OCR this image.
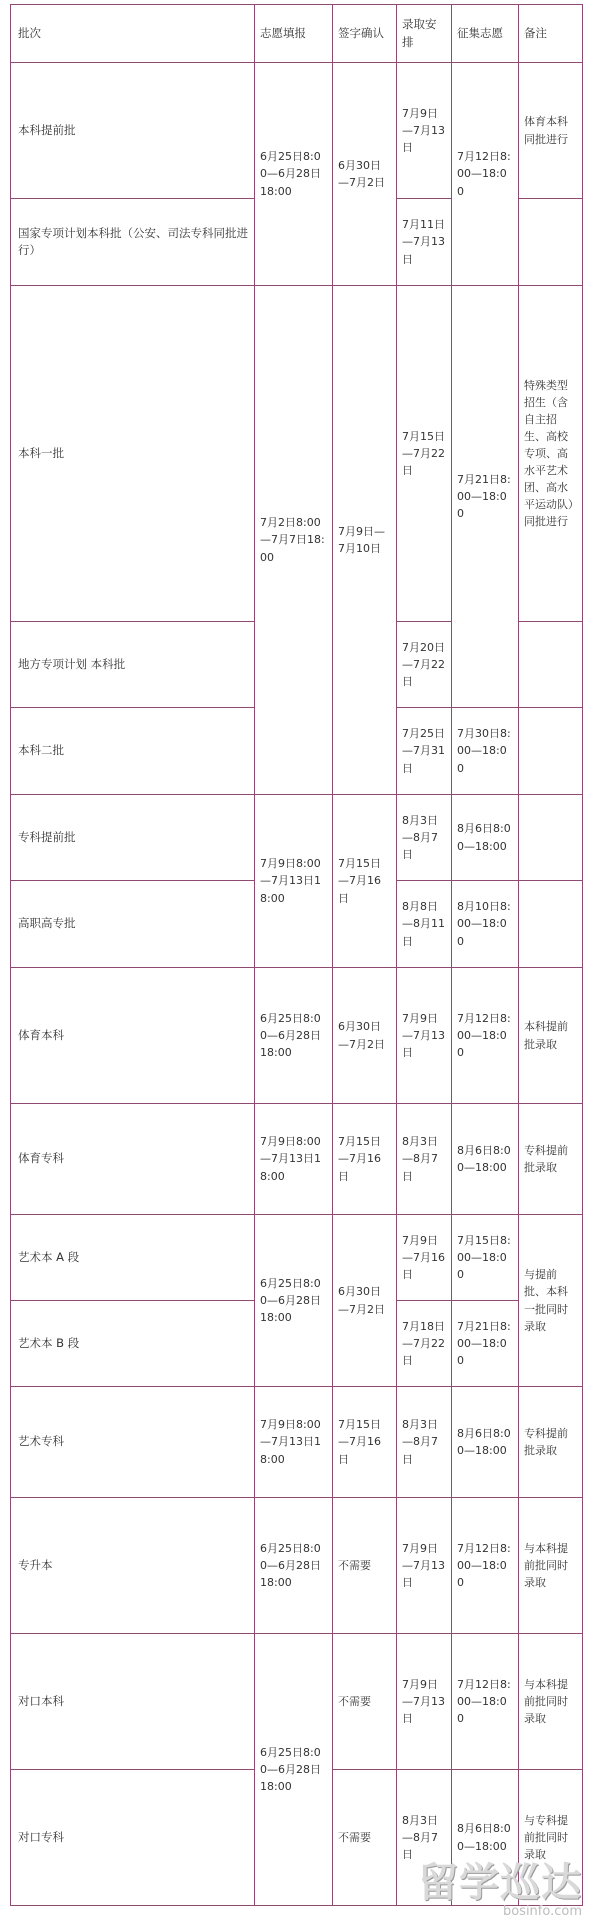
批次	志愿填报	签字确认	录取安排	征集志愿	备注
本科提前批	6月25日8:00—6月28日18:00	6月30日—7月2日	7月9日—7月13日	7月12日8:00—18:00	体育本科同批进行
国家专项计划本科批（公安、司法专科同批进行）			7月11日—7月13日		
本科一批	7月2日8:00—7月7日18:00	7月9日—7月10日	7月15日—7月22日	7月21日8:00—18:00	特殊类型招生（含自主招生、高校专项、高水平艺术团、高水平运动队）同批进行
地方专项计划 本科批			7月20日—7月22日		
本科二批			7月25日—7月31日	7月30日8:00—18:00	
专科提前批	7月9日8:00—7月13日18:00	7月15日—7月16日	8月3日—8月7日	8月6日8:00—18:00	
高职高专批			8月8日—8月11日	8月10日8:00—18:00	
体育本科	6月25日8:00—6月28日18:00	6月30日—7月2日	7月9日—7月13日	7月12日8:00—18:00	本科提前批录取
体育专科	7月9日8:00—7月13日18:00	7月15日—7月16日	8月3日—8月7日	8月6日8:00—18:00	专科提前批录取
艺术本 A 段	6月25日8:00—6月28日18:00	6月30日—7月2日	7月9日—7月16日	7月15日8:00—18:00	与提前批、本科一批同时录取
艺术本 B 段			7月18日—7月22日	7月21日8:00—18:00	
艺术专科	7月9日8:00—7月13日18:00	7月15日—7月16日	8月3日—8月7日	8月6日8:00—18:00	专科提前批录取
专升本	6月25日8:00—6月28日18:00	不需要	7月9日—7月13日	7月12日8:00—18:00	与本科提前批同时录取
对口本科	6月25日8:00—6月28日18:00	不需要	7月9日—7月13日	7月12日8:00—18:00	与本科提前批同时录取
对口专科		不需要	8月3日—8月7日	8月6日8:00—18:00	与专科提前批同时录取
留学巡达
bosinfo.com
